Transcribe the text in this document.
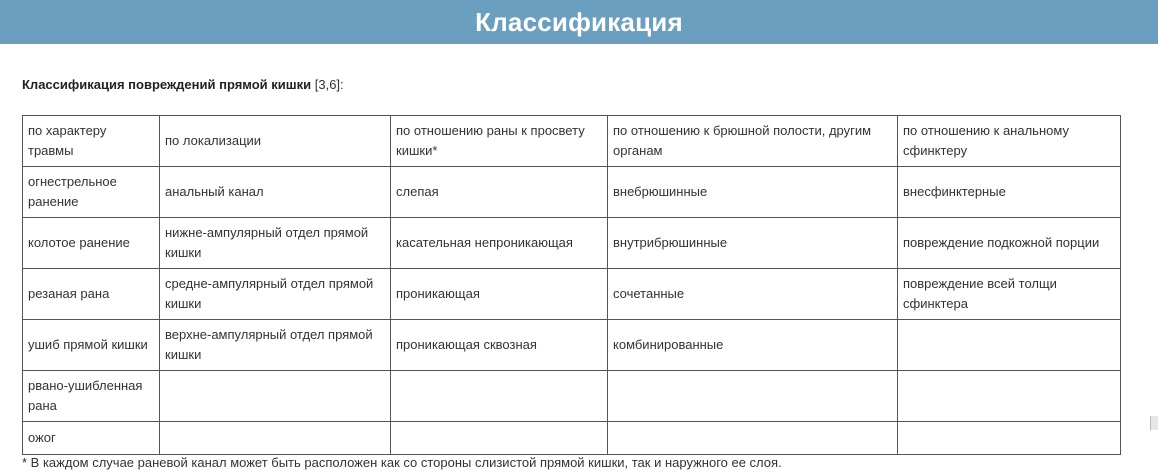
Классификация
Классификация повреждений прямой кишки [3,6]:
по характеру травмы	по локализации	по отношению раны к просвету кишки*	по отношению к брюшной полости, другим органам	по отношению к анальному сфинктеру
огнестрельное ранение	анальный канал	слепая	внебрюшинные	внесфинктерные
колотое ранение	нижне-ампулярный отдел прямой кишки	касательная непроникающая	внутрибрюшинные	повреждение подкожной порции
резаная рана	средне-ампулярный отдел прямой кишки	проникающая	сочетанные	повреждение всей толщи сфинктера
ушиб прямой кишки	верхне-ампулярный отдел прямой кишки	проникающая сквозная	комбинированные	
рвано-ушибленная рана				
ожог				
* В каждом случае раневой канал может быть расположен как со стороны слизистой прямой кишки, так и наружного ее слоя.
